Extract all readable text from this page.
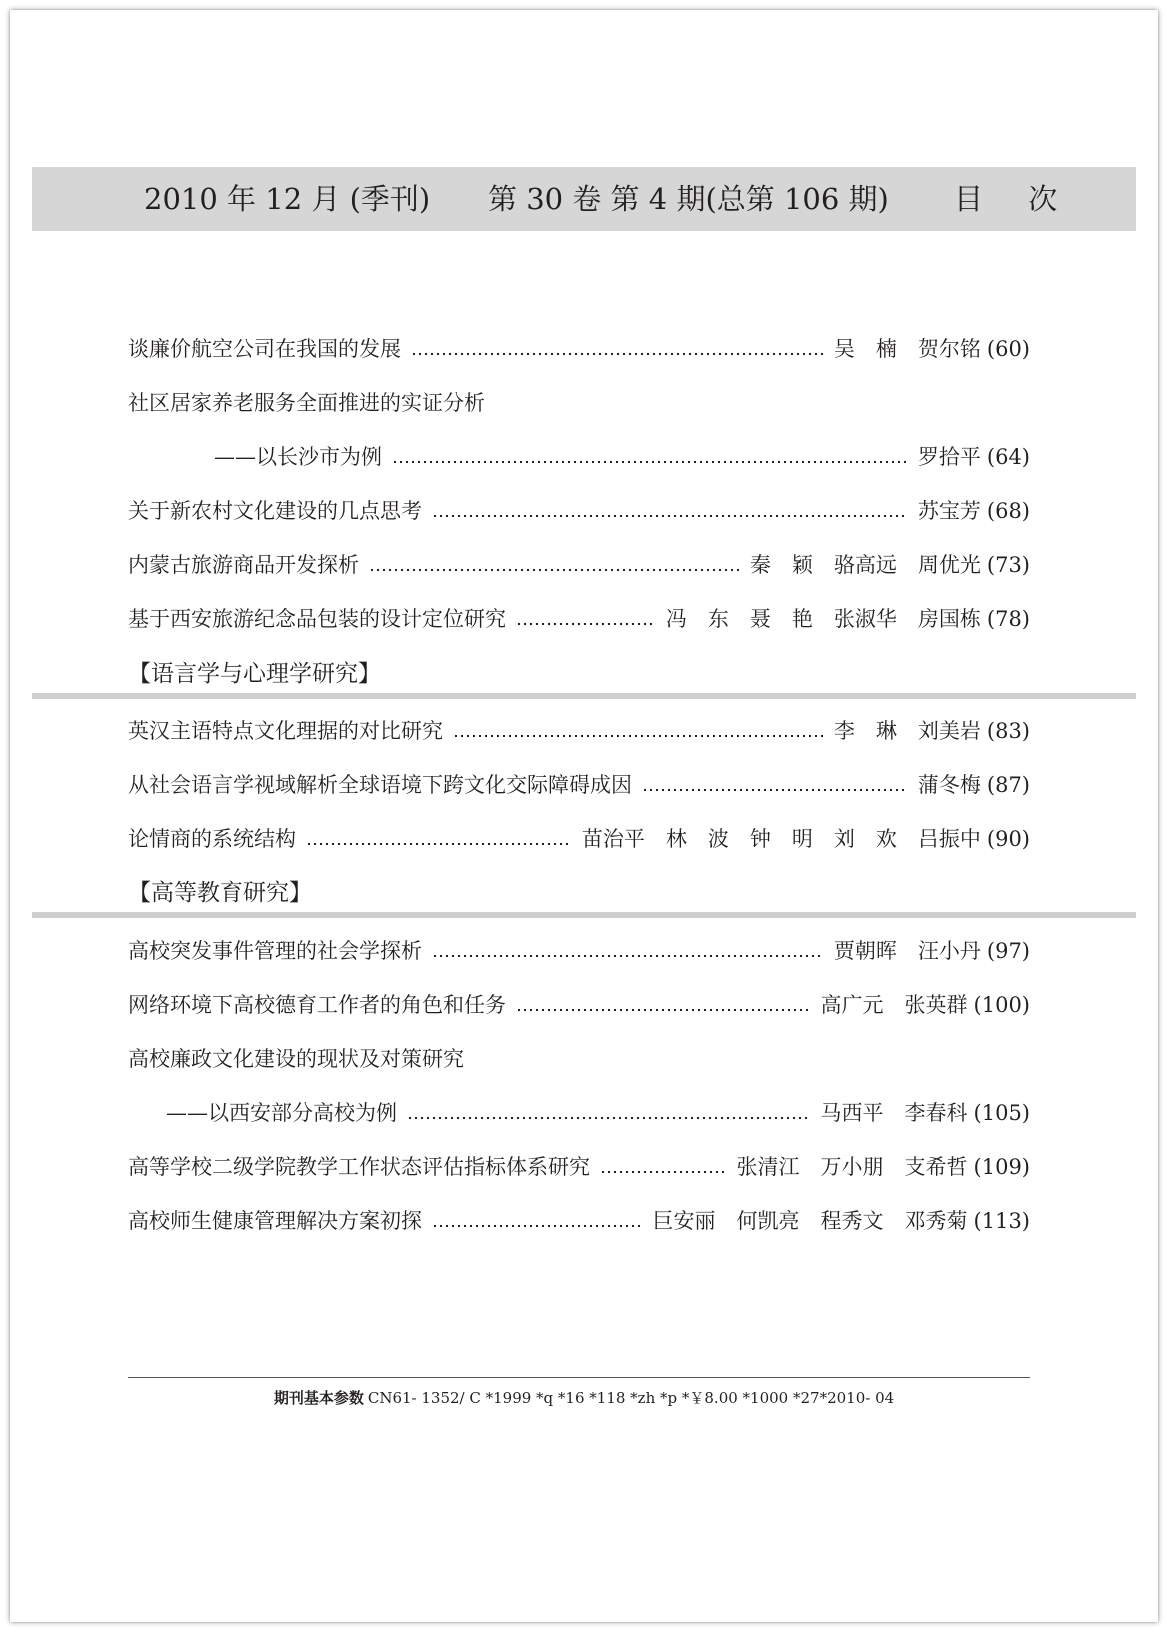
2010 年 12 月 (季刊) 第 30 卷 第 4 期(总第 106 期) 目 次
谈廉价航空公司在我国的发展	吴　楠　贺尔铭 (60)
社区居家养老服务全面推进的实证分析
——以长沙市为例	罗拾平 (64)
关于新农村文化建设的几点思考	苏宝芳 (68)
内蒙古旅游商品开发探析	秦　颖　骆高远　周优光 (73)
基于西安旅游纪念品包装的设计定位研究	冯　东　聂　艳　张淑华　房国栋 (78)
【语言学与心理学研究】
英汉主语特点文化理据的对比研究	李　琳　刘美岩 (83)
从社会语言学视域解析全球语境下跨文化交际障碍成因	蒲冬梅 (87)
论情商的系统结构	苗治平　林　波　钟　明　刘　欢　吕振中 (90)
【高等教育研究】
高校突发事件管理的社会学探析	贾朝晖　汪小丹 (97)
网络环境下高校德育工作者的角色和任务	高广元　张英群 (100)
高校廉政文化建设的现状及对策研究
——以西安部分高校为例	马西平　李春科 (105)
高等学校二级学院教学工作状态评估指标体系研究	张清江　万小朋　支希哲 (109)
高校师生健康管理解决方案初探	巨安丽　何凯亮　程秀文　邓秀菊 (113)
期刊基本参数 CN61- 1352/ C *1999 *q *16 *118 *zh *p *￥8.00 *1000 *27*2010- 04
